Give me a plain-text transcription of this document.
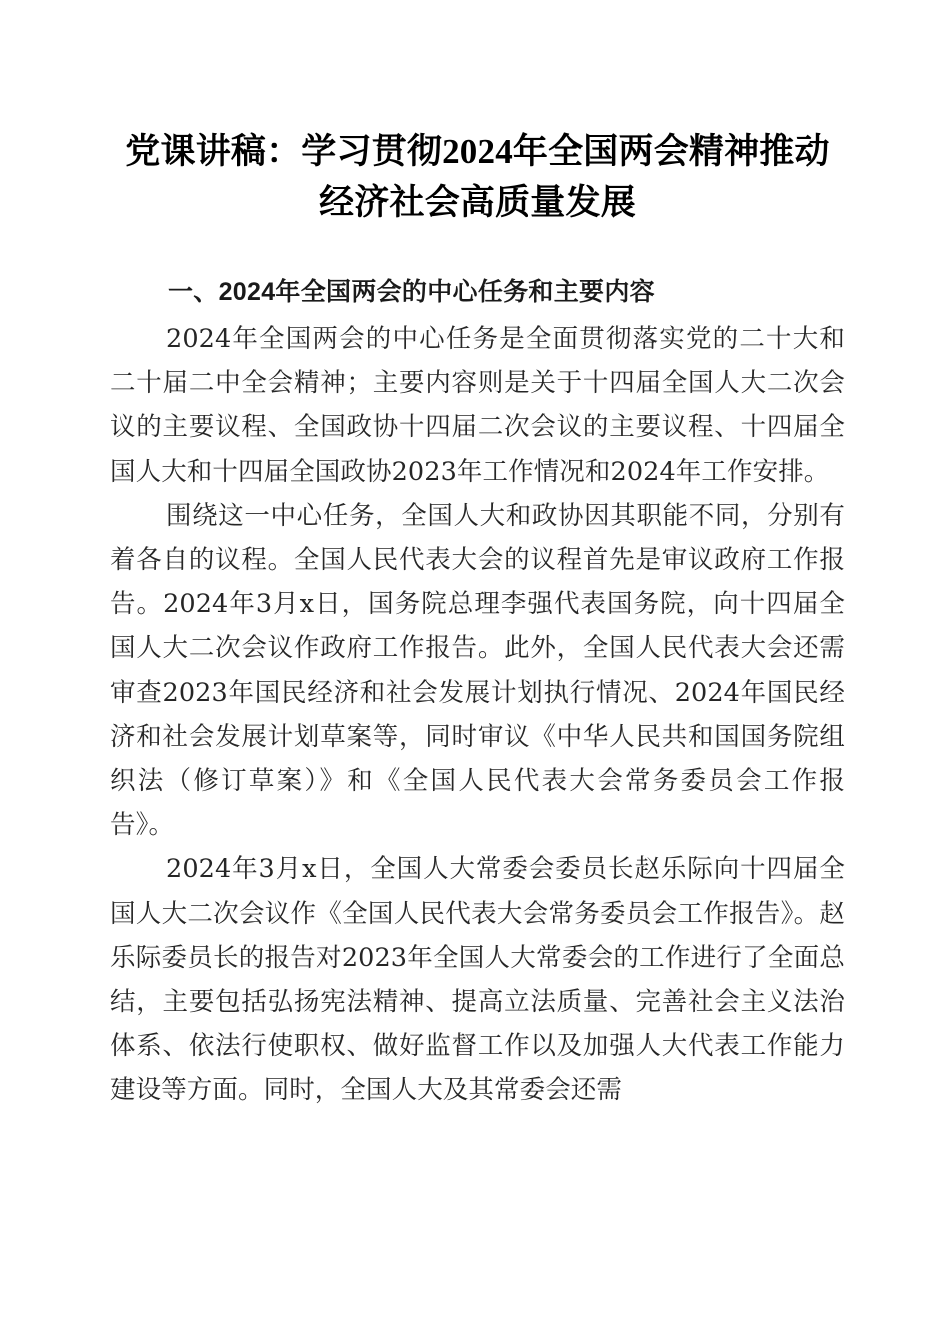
党课讲稿：学习贯彻2024年全国两会精神推动经济社会高质量发展
一、2024年全国两会的中心任务和主要内容

2024年全国两会的中心任务是全面贯彻落实党的二十大和二十届二中全会精神；主要内容则是关于十四届全国人大二次会议的主要议程、全国政协十四届二次会议的主要议程、十四届全国人大和十四届全国政协2023年工作情况和2024年工作安排。

围绕这一中心任务，全国人大和政协因其职能不同，分别有着各自的议程。全国人民代表大会的议程首先是审议政府工作报告。2024年3月x日，国务院总理李强代表国务院，向十四届全国人大二次会议作政府工作报告。此外，全国人民代表大会还需审查2023年国民经济和社会发展计划执行情况、2024年国民经济和社会发展计划草案等，同时审议《中华人民共和国国务院组织法（修订草案）》和《全国人民代表大会常务委员会工作报告》。

2024年3月x日，全国人大常委会委员长赵乐际向十四届全国人大二次会议作《全国人民代表大会常务委员会工作报告》。赵乐际委员长的报告对2023年全国人大常委会的工作进行了全面总结，主要包括弘扬宪法精神、提高立法质量、完善社会主义法治体系、依法行使职权、做好监督工作以及加强人大代表工作能力建设等方面。同时，全国人大及其常委会还需
